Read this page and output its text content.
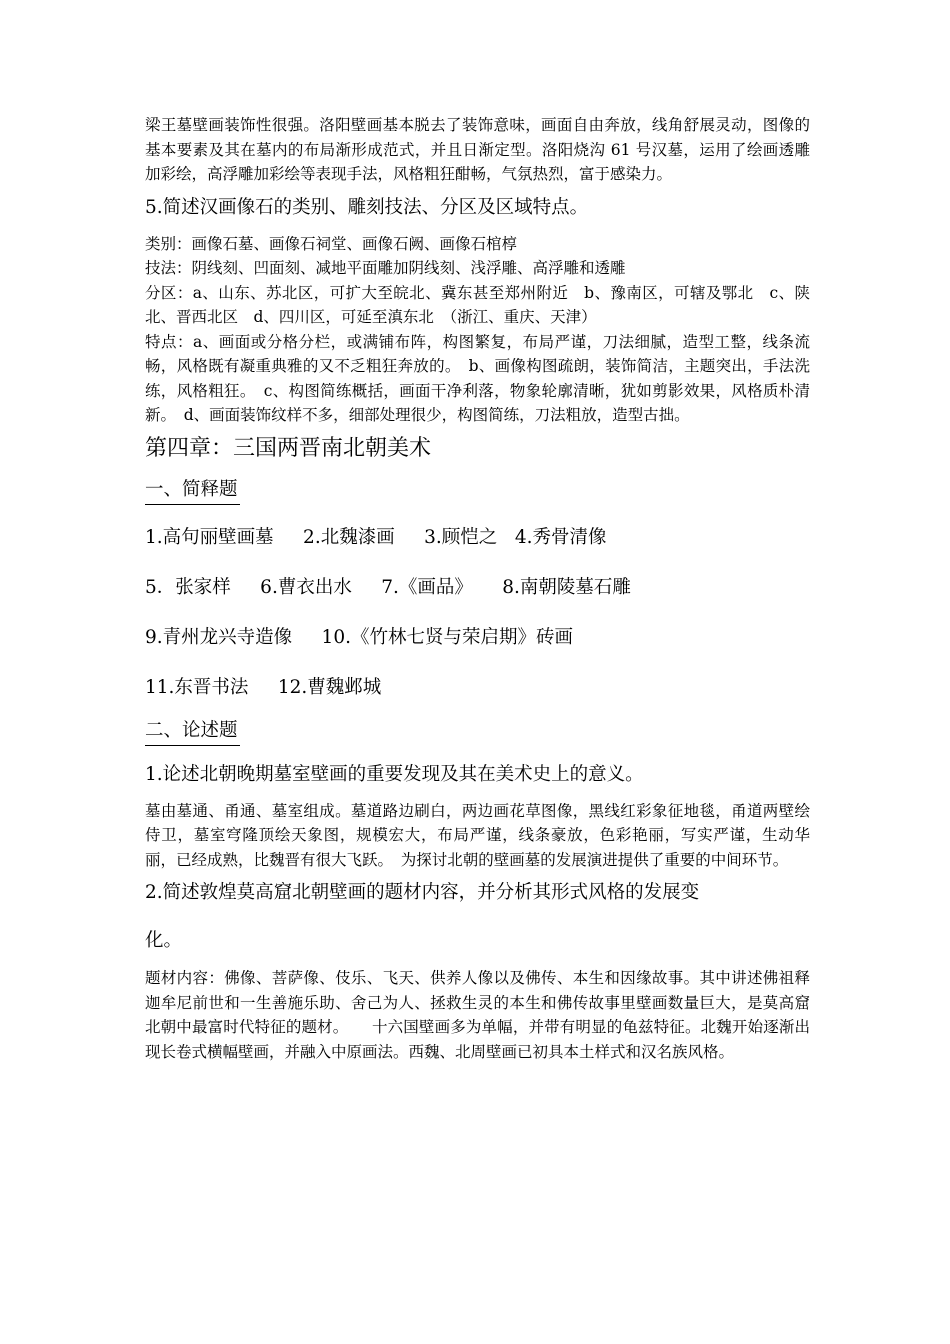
梁王墓壁画装饰性很强。洛阳壁画基本脱去了装饰意味，画面自由奔放，线角舒展灵动，图像的基本要素及其在墓内的布局渐形成范式，并且日渐定型。洛阳烧沟 61 号汉墓，运用了绘画透雕加彩绘，高浮雕加彩绘等表现手法，风格粗狂酣畅，气氛热烈，富于感染力。

5.简述汉画像石的类别、雕刻技法、分区及区域特点。

类别：画像石墓、画像石祠堂、画像石阙、画像石棺椁

技法：阴线刻、凹面刻、减地平面雕加阴线刻、浅浮雕、高浮雕和透雕

分区：a、山东、苏北区，可扩大至皖北、冀东甚至郑州附近　b、豫南区，可辖及鄂北　c、陕北、晋西北区　d、四川区，可延至滇东北　（浙江、重庆、天津）

特点：a、画面或分格分栏，或满铺布阵，构图繁复，布局严谨，刀法细腻，造型工整，线条流畅，风格既有凝重典雅的又不乏粗狂奔放的。　b、画像构图疏朗，装饰简洁，主题突出，手法洗练，风格粗狂。　c、构图简练概括，画面干净利落，物象轮廓清晰，犹如剪影效果，风格质朴清新。　d、画面装饰纹样不多，细部处理很少，构图简练，刀法粗放，造型古拙。

第四章：三国两晋南北朝美术

一、简释题

1.高句丽壁画墓     2.北魏漆画     3.顾恺之   4.秀骨清像

5．张家样     6.曹衣出水     7.《画品》     8.南朝陵墓石雕

9.青州龙兴寺造像     10.《竹林七贤与荣启期》砖画

11.东晋书法     12.曹魏邺城

二、论述题

1.论述北朝晚期墓室壁画的重要发现及其在美术史上的意义。

墓由墓通、甬通、墓室组成。墓道路边刷白，两边画花草图像，黑线红彩象征地毯，甬道两壁绘侍卫，墓室穹隆顶绘天象图，规模宏大，布局严谨，线条豪放，色彩艳丽，写实严谨，生动华丽，已经成熟，比魏晋有很大飞跃。　为探讨北朝的壁画墓的发展演进提供了重要的中间环节。

2.简述敦煌莫高窟北朝壁画的题材内容，并分析其形式风格的发展变

化。

题材内容：佛像、菩萨像、伎乐、飞天、供养人像以及佛传、本生和因缘故事。其中讲述佛祖释迦牟尼前世和一生善施乐助、舍己为人、拯救生灵的本生和佛传故事里壁画数量巨大，是莫高窟北朝中最富时代特征的题材。　　十六国壁画多为单幅，并带有明显的龟兹特征。北魏开始逐渐出现长卷式横幅壁画，并融入中原画法。西魏、北周壁画已初具本土样式和汉名族风格。
